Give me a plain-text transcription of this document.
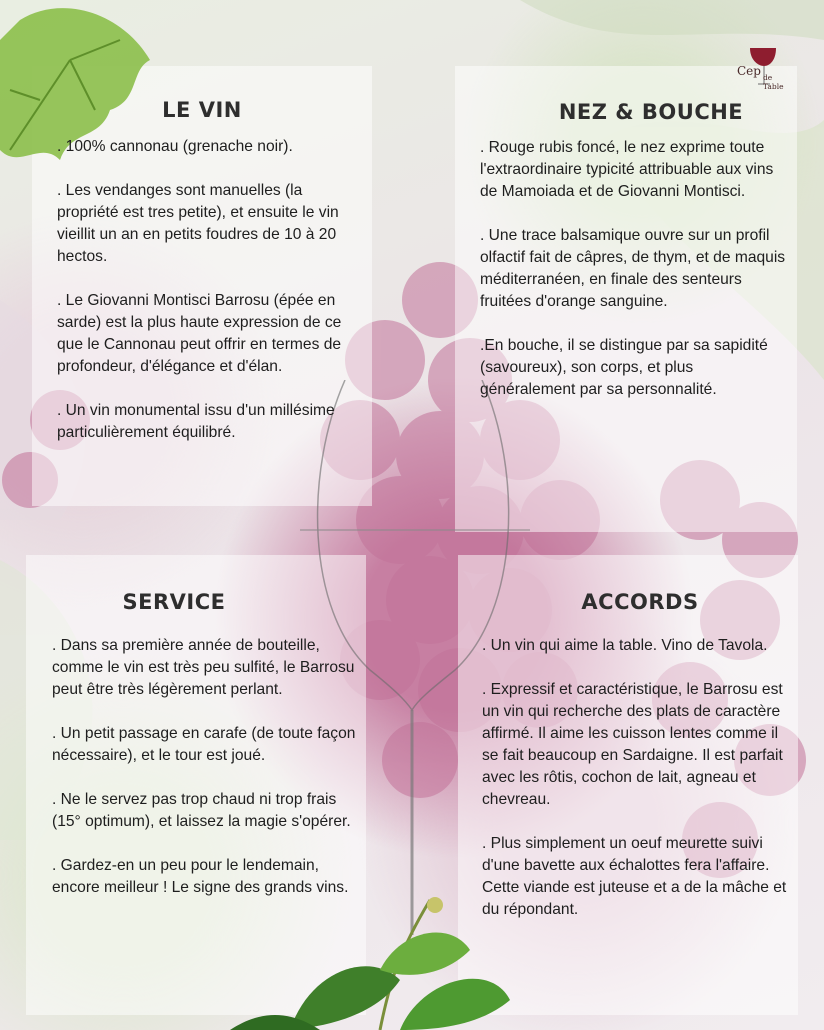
Cep de Table
LE VIN

. 100% cannonau (grenache noir).

. Les vendanges sont manuelles (la propriété est tres petite), et ensuite le vin vieillit un an en petits foudres de 10 à 20 hectos.

. Le Giovanni Montisci Barrosu (épée en sarde) est la plus haute expression de ce que le Cannonau peut offrir en termes de profondeur, d'élégance et d'élan.

. Un vin monumental issu d'un millésime particulièrement équilibré.

NEZ & BOUCHE

. Rouge rubis foncé, le nez exprime toute l'extraordinaire typicité attribuable aux vins de Mamoiada et de Giovanni Montisci.

. Une trace balsamique ouvre sur un profil olfactif fait de câpres, de thym, et de maquis méditerranéen, en finale des senteurs fruitées d'orange sanguine.

.En bouche, il se distingue par sa sapidité (savoureux), son corps, et plus généralement par sa personnalité.

SERVICE

. Dans sa première année de bouteille, comme le vin est très peu sulfité, le Barrosu peut être très légèrement perlant.

. Un petit passage en carafe (de toute façon nécessaire), et le tour est joué.

. Ne le servez pas trop chaud ni trop frais (15° optimum), et laissez la magie s'opérer.

. Gardez-en un peu pour le lendemain, encore meilleur ! Le signe des grands vins.

ACCORDS

. Un vin qui aime la table. Vino de Tavola.

. Expressif et caractéristique, le Barrosu est un vin qui recherche des plats de caractère affirmé. Il aime les cuisson lentes comme il se fait beaucoup en Sardaigne. Il est parfait avec les rôtis, cochon de lait, agneau et chevreau.

. Plus simplement un oeuf meurette suivi d'une bavette aux échalottes fera l'affaire. Cette viande est juteuse et a de la mâche et du répondant.
